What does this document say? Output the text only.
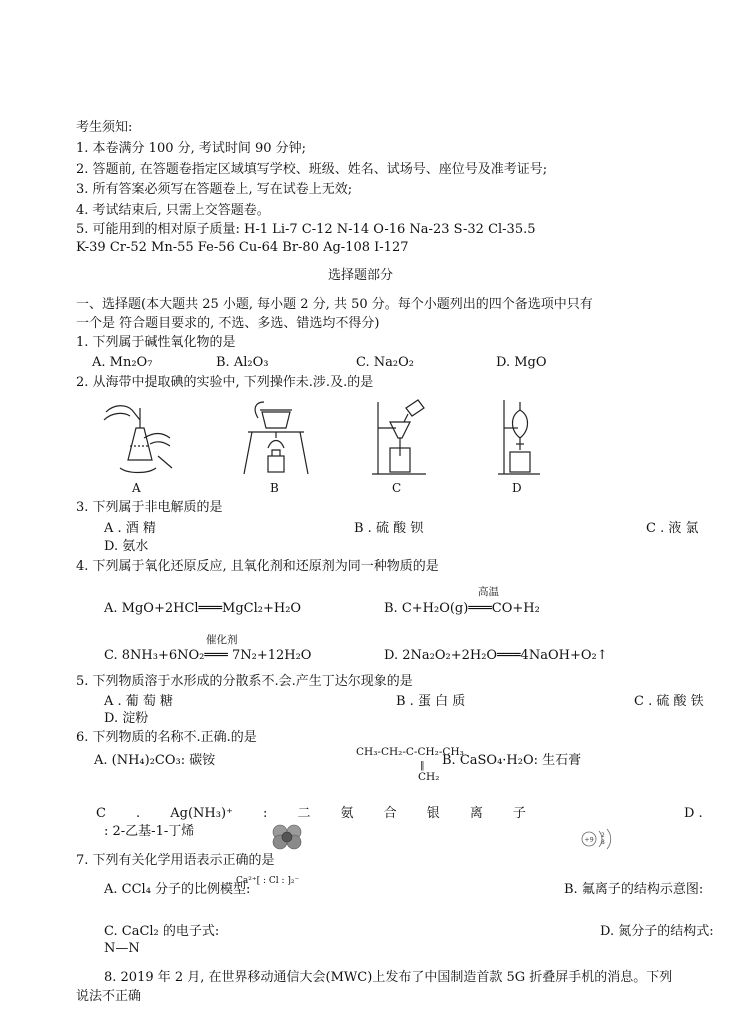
考生须知:
1. 本卷满分 100 分, 考试时间 90 分钟;
2. 答题前, 在答题卷指定区域填写学校、班级、姓名、试场号、座位号及准考证号;
3. 所有答案必须写在答题卷上, 写在试卷上无效;
4. 考试结束后, 只需上交答题卷。
5. 可能用到的相对原子质量: H-1 Li-7 C-12 N-14 O-16 Na-23 S-32 Cl-35.5
K-39 Cr-52 Mn-55 Fe-56 Cu-64 Br-80 Ag-108 I-127
选择题部分
一、选择题(本大题共 25 小题, 每小题 2 分, 共 50 分。每个小题列出的四个备选项中只有
一个是 符合题目要求的, 不选、多选、错选均不得分)
1. 下列属于碱性氧化物的是
A. Mn₂O₇	B. Al₂O₃	C. Na₂O₂	D. MgO
2. 从海带中提取碘的实验中, 下列操作未.涉.及.的是
A	B	C	D
3. 下列属于非电解质的是
A . 酒 精	B . 硫 酸 钡	C . 液 氯
D. 氨水
4. 下列属于氧化还原反应, 且氧化剂和还原剂为同一种物质的是
高温
A. MgO+2HCl═══MgCl₂+H₂O	B. C+H₂O(g)═══CO+H₂
催化剂
C. 8NH₃+6NO₂═══ 7N₂+12H₂O	D. 2Na₂O₂+2H₂O═══4NaOH+O₂↑
5. 下列物质溶于水形成的分散系不.会.产生丁达尔现象的是
A . 葡 萄 糖	B . 蛋 白 质	C . 硫 酸 铁
D. 淀粉
6. 下列物质的名称不.正确.的是
CH₃-CH₂-C-CH₂-CH₃
‖
CH₂
A. (NH₄)₂CO₃: 碳铵	B. CaSO₄·H₂O: 生石膏
C . Ag(NH₃)⁺ : 二 氨 合 银 离 子	D .
: 2-乙基-1-丁烯
+9 2
8
7. 下列有关化学用语表示正确的是
Ca²⁺[ : Cl : ]₂⁻
A. CCl₄ 分子的比例模型:	B. 氟离子的结构示意图:
C. CaCl₂ 的电子式:	D. 氮分子的结构式:
N—N
8. 2019 年 2 月, 在世界移动通信大会(MWC)上发布了中国制造首款 5G 折叠屏手机的消息。下列
说法不正确
